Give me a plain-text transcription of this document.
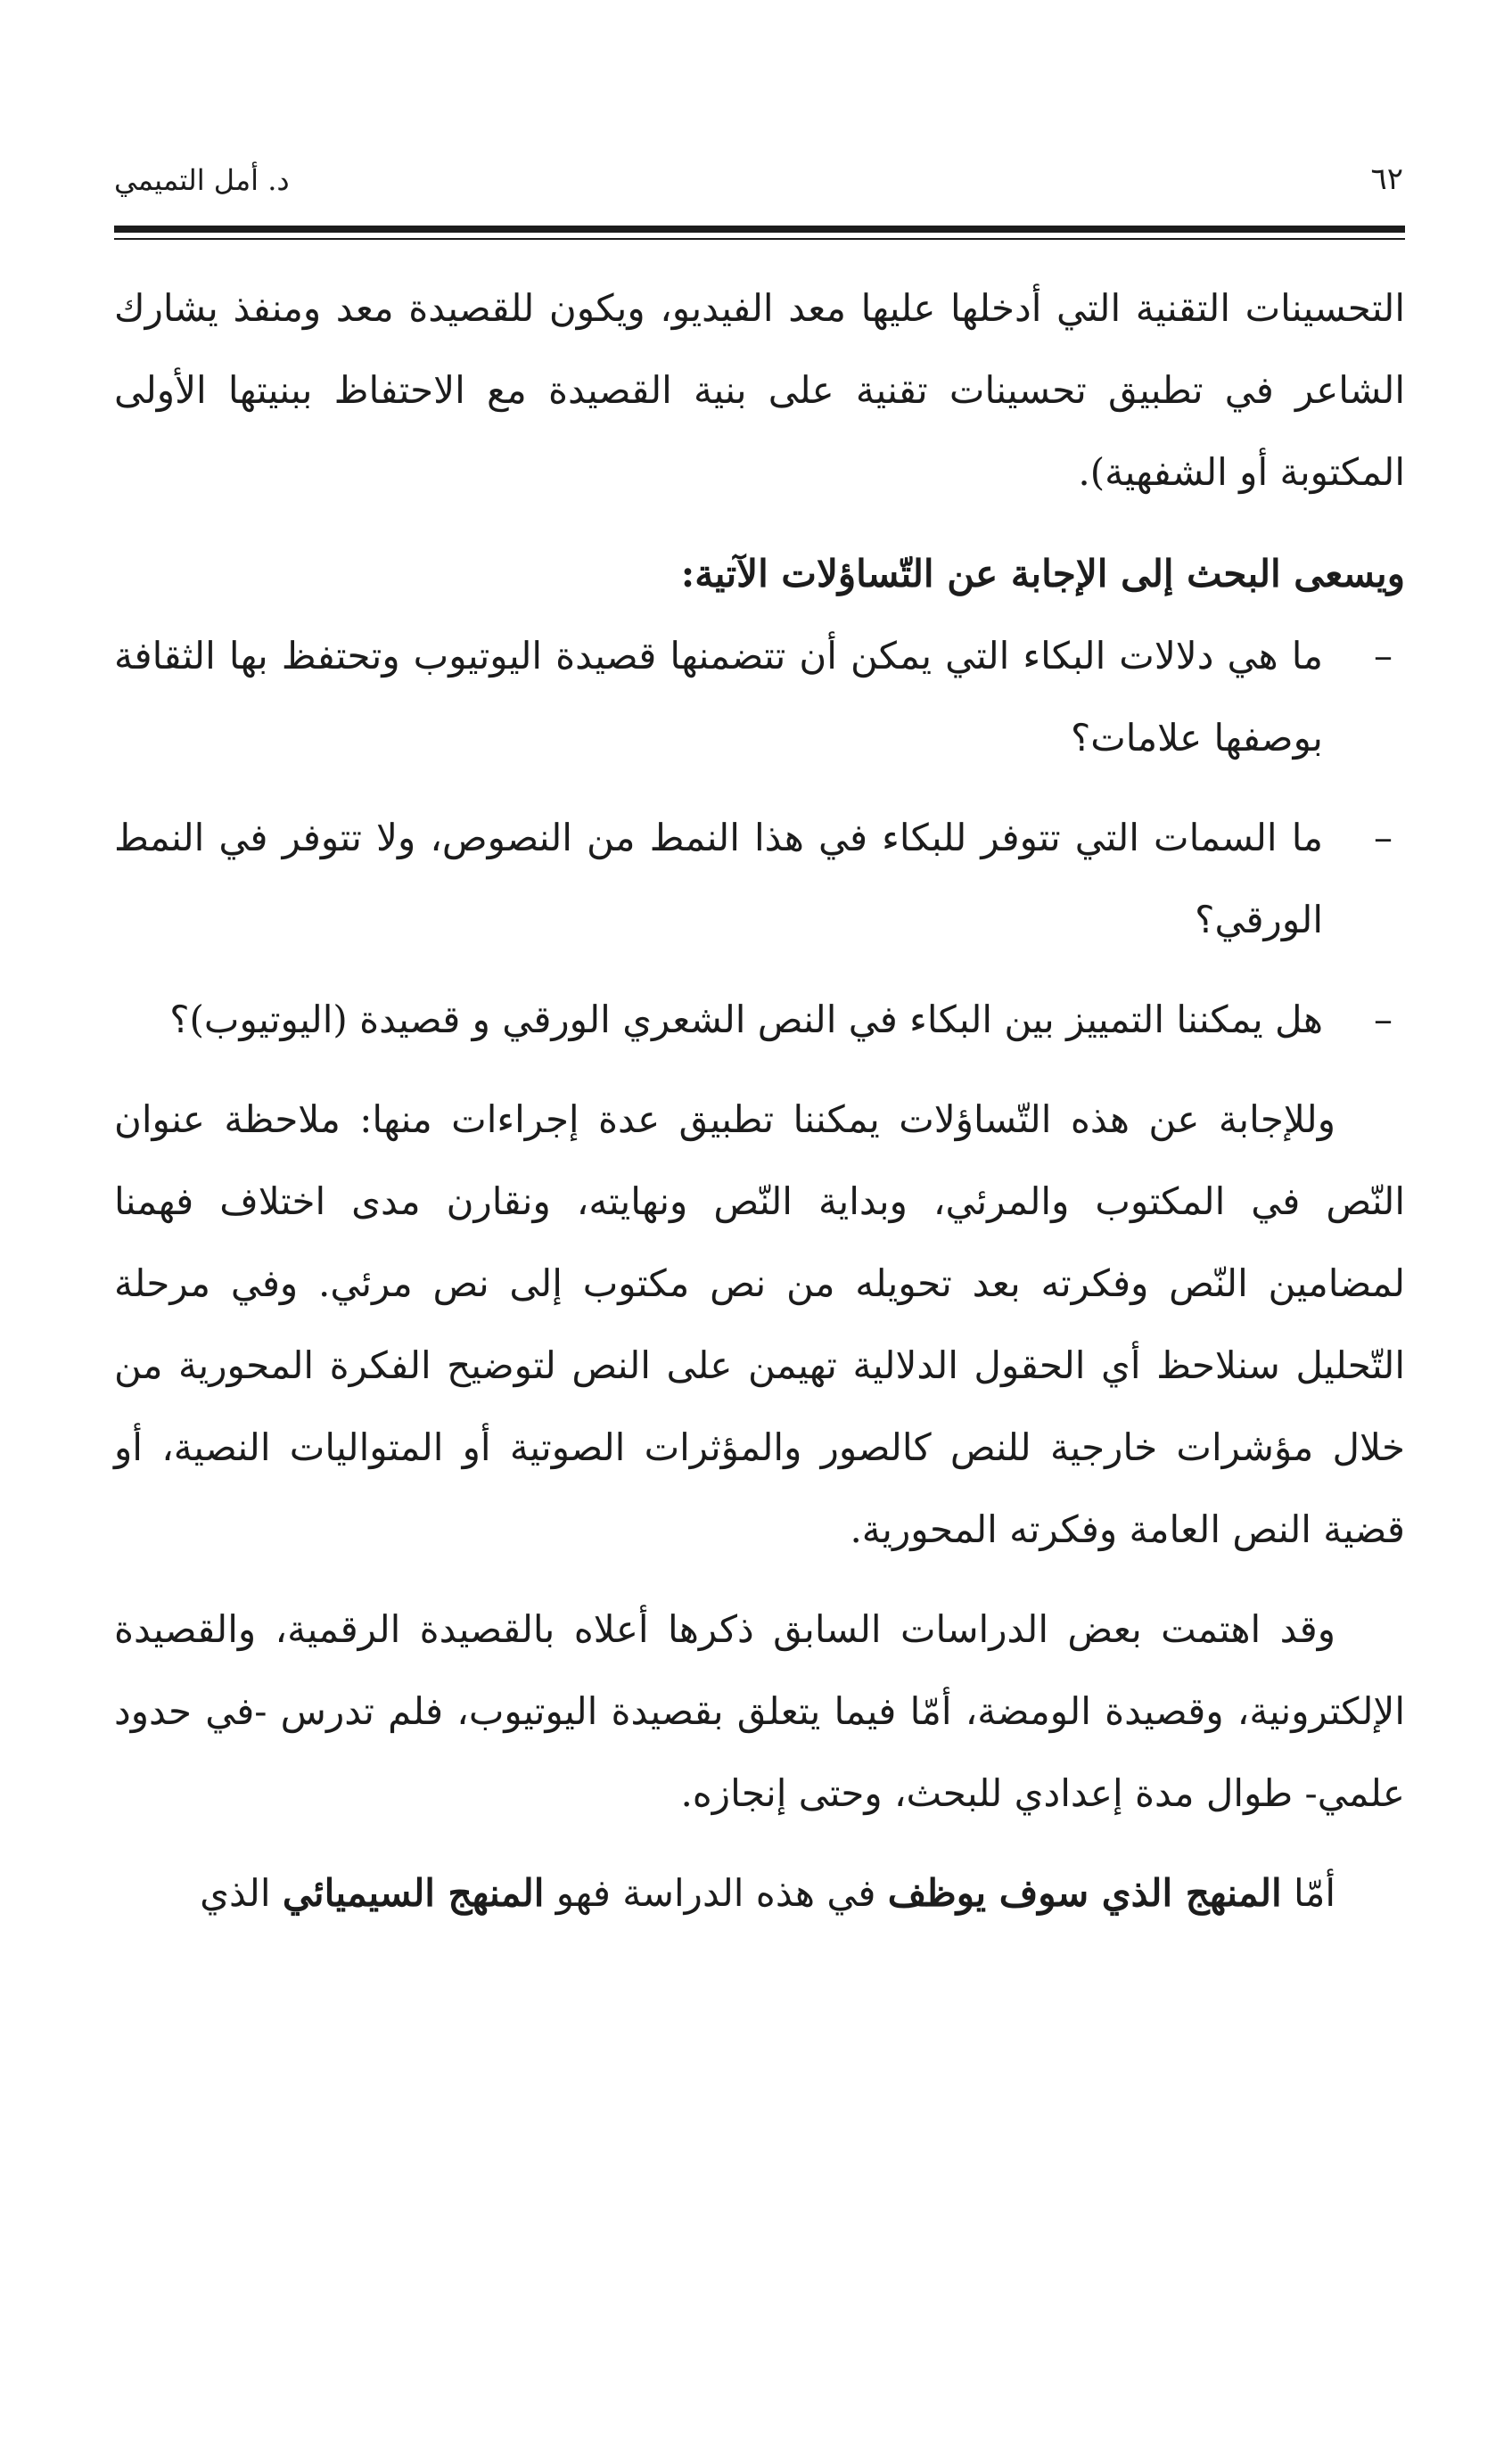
د. أمل التميمي	٦٢

التحسينات التقنية التي أدخلها عليها معد الفيديو، ويكون للقصيدة معد ومنفذ يشارك الشاعر في تطبيق تحسينات تقنية على بنية القصيدة مع الاحتفاظ ببنيتها الأولى المكتوبة أو الشفهية).

ويسعى البحث إلى الإجابة عن التّساؤلات الآتية:

–
ما هي دلالات البكاء التي يمكن أن تتضمنها قصيدة اليوتيوب وتحتفظ بها الثقافة بوصفها علامات؟
–
ما السمات التي تتوفر للبكاء في هذا النمط من النصوص، ولا تتوفر في النمط الورقي؟
–
هل يمكننا التمييز بين البكاء في النص الشعري الورقي و قصيدة (اليوتيوب)؟

وللإجابة عن هذه التّساؤلات يمكننا تطبيق عدة إجراءات منها: ملاحظة عنوان النّص في المكتوب والمرئي، وبداية النّص ونهايته، ونقارن مدى اختلاف فهمنا لمضامين النّص وفكرته بعد تحويله من نص مكتوب إلى نص مرئي. وفي مرحلة التّحليل سنلاحظ أي الحقول الدلالية تهيمن على النص لتوضيح الفكرة المحورية من خلال مؤشرات خارجية للنص كالصور والمؤثرات الصوتية أو المتواليات النصية، أو قضية النص العامة وفكرته المحورية.

وقد اهتمت بعض الدراسات السابق ذكرها أعلاه بالقصيدة الرقمية، والقصيدة الإلكترونية، وقصيدة الومضة، أمّا فيما يتعلق بقصيدة اليوتيوب، فلم تدرس -في حدود علمي- طوال مدة إعدادي للبحث، وحتى إنجازه.

أمّا المنهج الذي سوف يوظف في هذه الدراسة فهو المنهج السيميائي الذي
